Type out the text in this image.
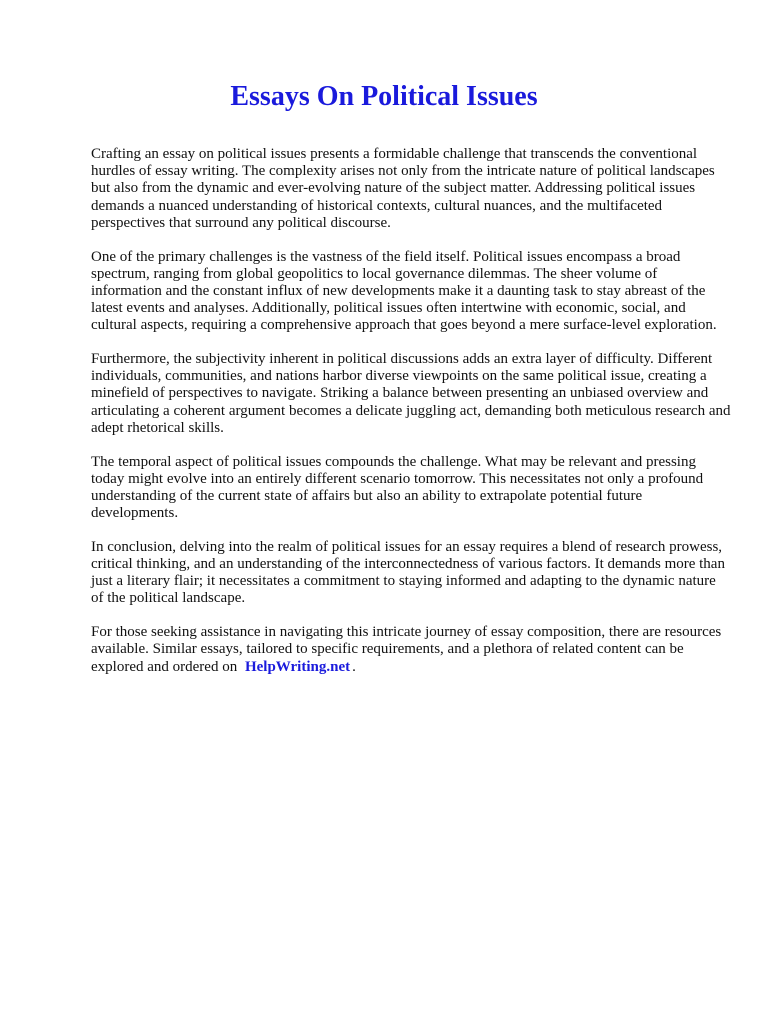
Essays On Political Issues

Crafting an essay on political issues presents a formidable challenge that transcends the conventional hurdles of essay writing. The complexity arises not only from the intricate nature of political landscapes but also from the dynamic and ever-evolving nature of the subject matter. Addressing political issues demands a nuanced understanding of historical contexts, cultural nuances, and the multifaceted perspectives that surround any political discourse.

One of the primary challenges is the vastness of the field itself. Political issues encompass a broad spectrum, ranging from global geopolitics to local governance dilemmas. The sheer volume of information and the constant influx of new developments make it a daunting task to stay abreast of the latest events and analyses. Additionally, political issues often intertwine with economic, social, and cultural aspects, requiring a comprehensive approach that goes beyond a mere surface-level exploration.

Furthermore, the subjectivity inherent in political discussions adds an extra layer of difficulty. Different individuals, communities, and nations harbor diverse viewpoints on the same political issue, creating a minefield of perspectives to navigate. Striking a balance between presenting an unbiased overview and articulating a coherent argument becomes a delicate juggling act, demanding both meticulous research and adept rhetorical skills.

The temporal aspect of political issues compounds the challenge. What may be relevant and pressing today might evolve into an entirely different scenario tomorrow. This necessitates not only a profound understanding of the current state of affairs but also an ability to extrapolate potential future developments.

In conclusion, delving into the realm of political issues for an essay requires a blend of research prowess, critical thinking, and an understanding of the interconnectedness of various factors. It demands more than just a literary flair; it necessitates a commitment to staying informed and adapting to the dynamic nature of the political landscape.

For those seeking assistance in navigating this intricate journey of essay composition, there are resources available. Similar essays, tailored to specific requirements, and a plethora of related content can be explored and ordered on HelpWriting.net .
